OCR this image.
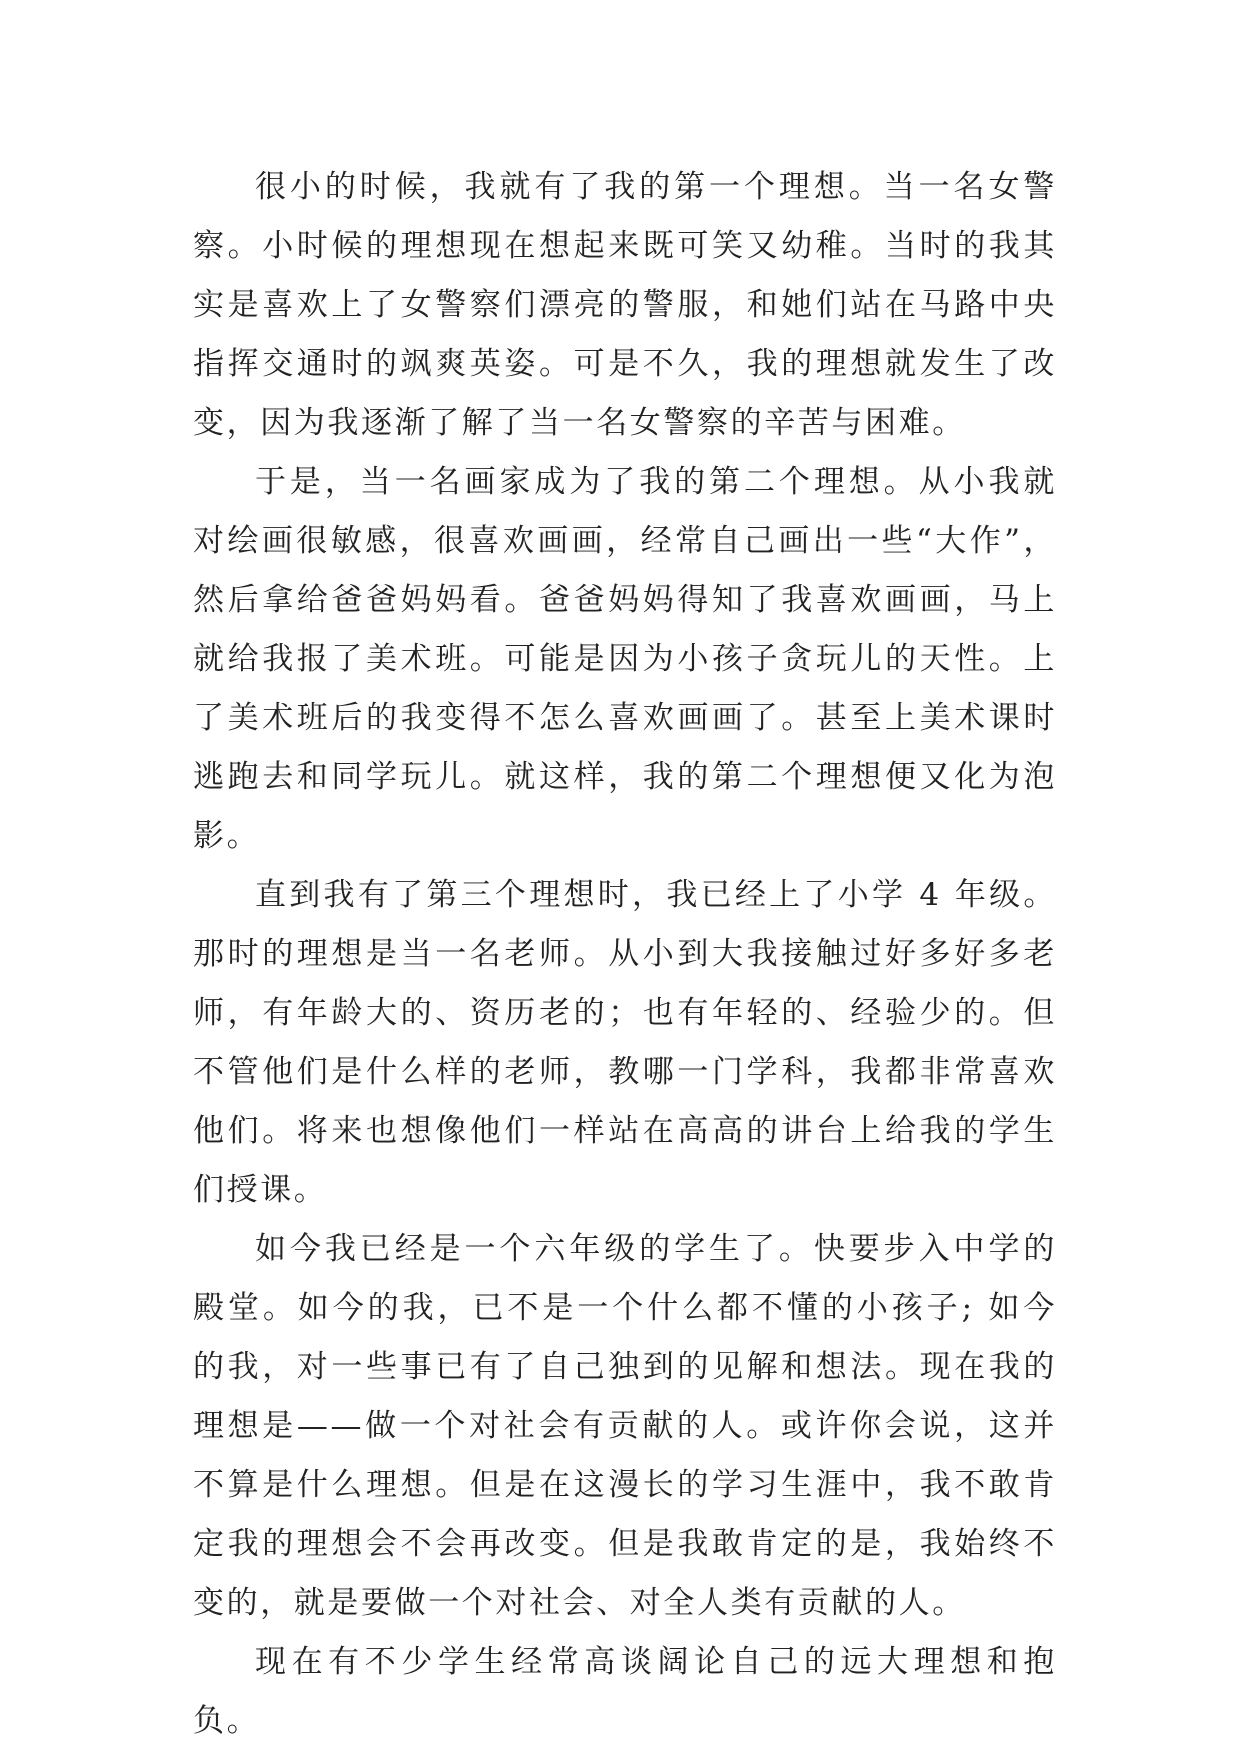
很小的时候，我就有了我的第一个理想。当一名女警察。小时候的理想现在想起来既可笑又幼稚。当时的我其实是喜欢上了女警察们漂亮的警服，和她们站在马路中央指挥交通时的飒爽英姿。可是不久，我的理想就发生了改变，因为我逐渐了解了当一名女警察的辛苦与困难。

于是，当一名画家成为了我的第二个理想。从小我就对绘画很敏感，很喜欢画画，经常自己画出一些“大作”，然后拿给爸爸妈妈看。爸爸妈妈得知了我喜欢画画，马上就给我报了美术班。可能是因为小孩子贪玩儿的天性。上了美术班后的我变得不怎么喜欢画画了。甚至上美术课时逃跑去和同学玩儿。就这样，我的第二个理想便又化为泡影。

直到我有了第三个理想时，我已经上了小学 4 年级。那时的理想是当一名老师。从小到大我接触过好多好多老师，有年龄大的、资历老的；也有年轻的、经验少的。但不管他们是什么样的老师，教哪一门学科，我都非常喜欢他们。将来也想像他们一样站在高高的讲台上给我的学生们授课。

如今我已经是一个六年级的学生了。快要步入中学的殿堂。如今的我，已不是一个什么都不懂的小孩子; 如今的我，对一些事已有了自己独到的见解和想法。现在我的理想是——做一个对社会有贡献的人。或许你会说，这并不算是什么理想。但是在这漫长的学习生涯中，我不敢肯定我的理想会不会再改变。但是我敢肯定的是，我始终不变的，就是要做一个对社会、对全人类有贡献的人。

现在有不少学生经常高谈阔论自己的远大理想和抱负。
